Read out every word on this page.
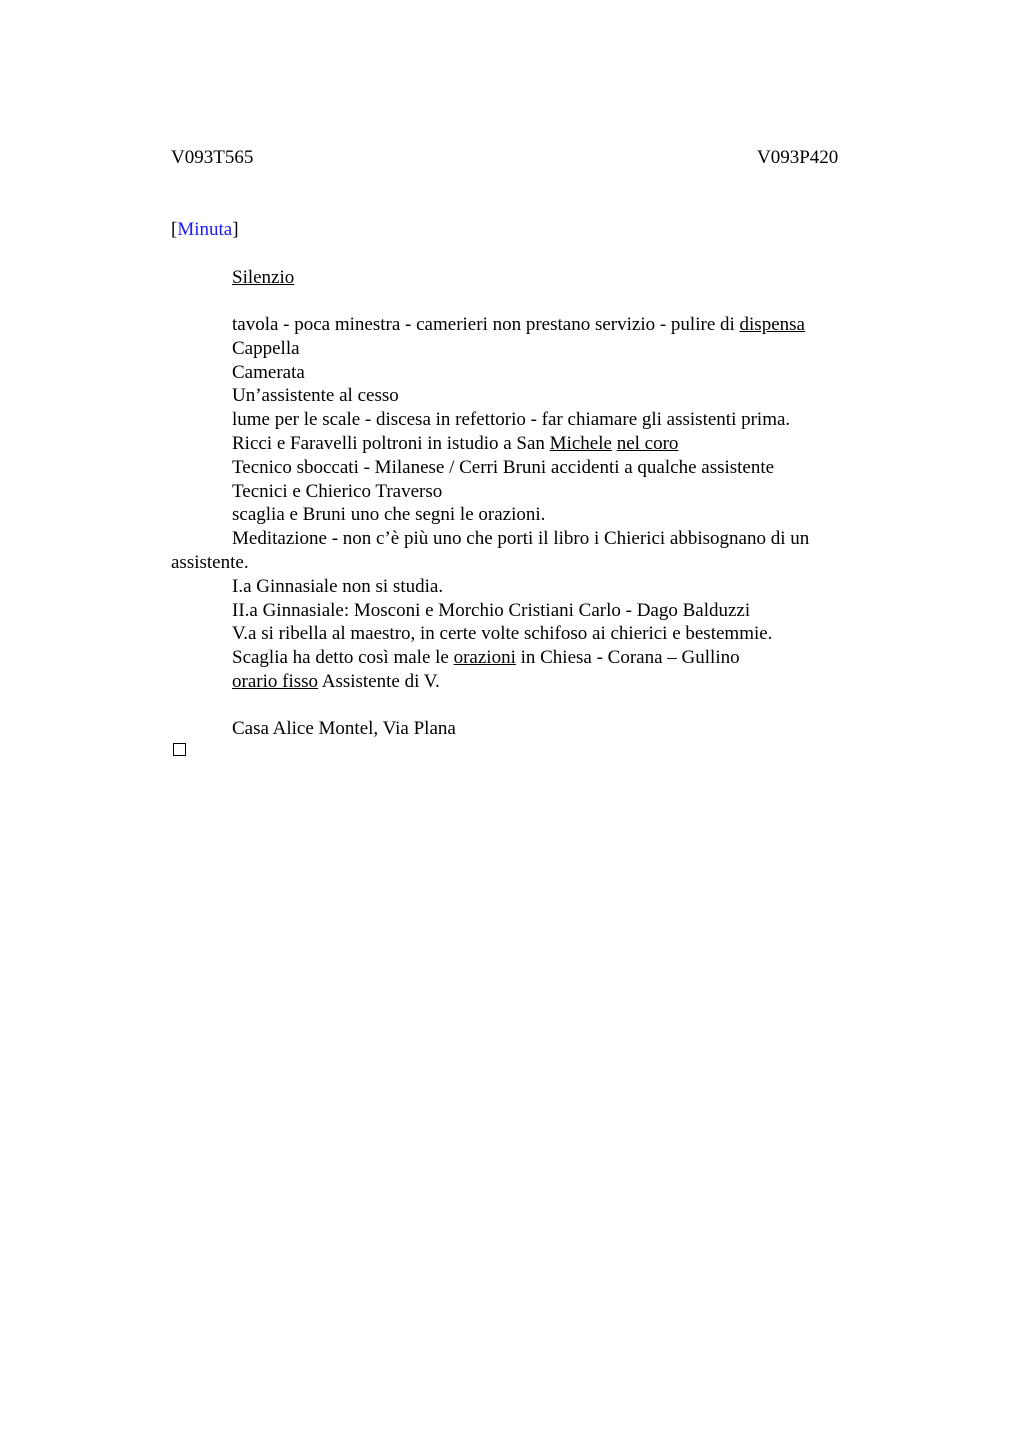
V093T565	V093P420
[Minuta]
Silenzio

tavola - poca minestra - camerieri non prestano servizio - pulire di dispensa

Cappella

Camerata

Un’assistente al cesso

lume per le scale - discesa in refettorio - far chiamare gli assistenti prima.

Ricci e Faravelli poltroni in istudio a San Michele nel coro

Tecnico sboccati - Milanese / Cerri Bruni accidenti a qualche assistente

Tecnici e Chierico Traverso

scaglia e Bruni uno che segni le orazioni.

Meditazione - non c’è più uno che porti il libro i Chierici abbisognano di un assistente.

I.a Ginnasiale non si studia.

II.a Ginnasiale: Mosconi e Morchio Cristiani Carlo - Dago Balduzzi

V.a si ribella al maestro, in certe volte schifoso ai chierici e bestemmie.

Scaglia ha detto così male le orazioni in Chiesa - Corana – Gullino

orario fisso Assistente di V.

Casa Alice Montel, Via Plana
